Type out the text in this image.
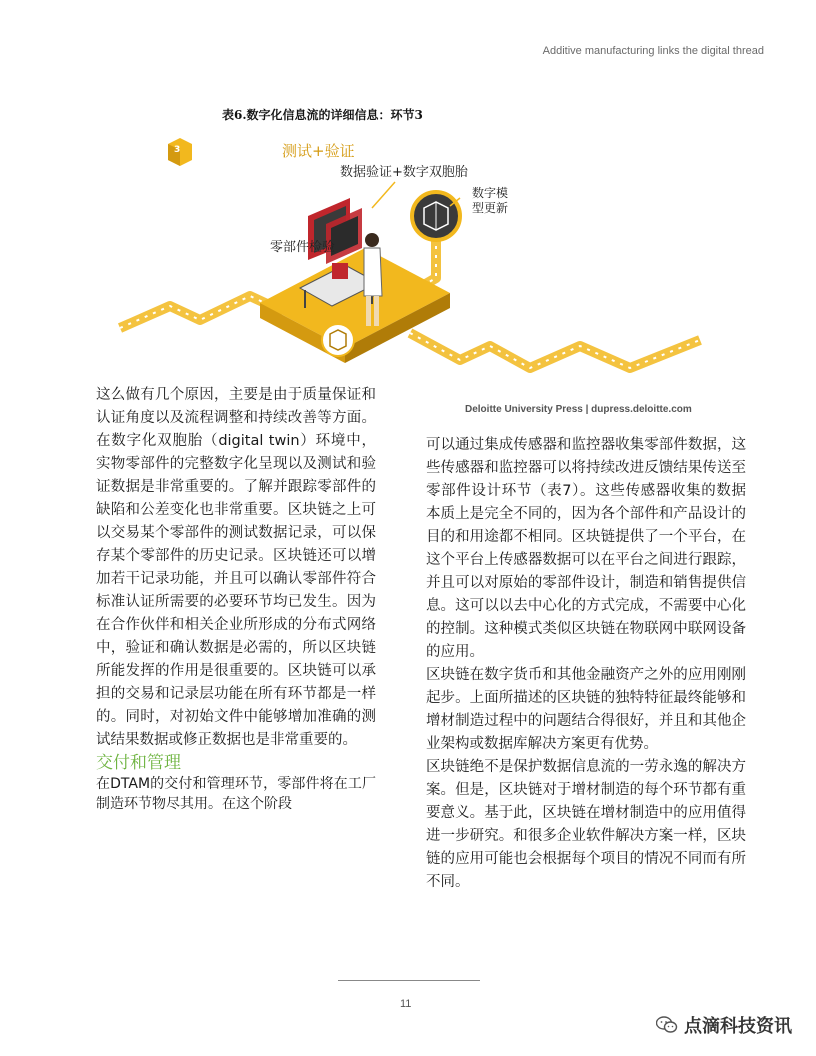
Additive manufacturing links the digital thread
表6.数字化信息流的详细信息：环节3
测试+验证
3
数据验证+数字双胞胎
数字模型更新
零部件检验
Deloitte University Press | dupress.deloitte.com

这么做有几个原因，主要是由于质量保证和认证角度以及流程调整和持续改善等方面。在数字化双胞胎（digital twin）环境中，实物零部件的完整数字化呈现以及测试和验证数据是非常重要的。了解并跟踪零部件的缺陷和公差变化也非常重要。区块链之上可以交易某个零部件的测试数据记录，可以保存某个零部件的历史记录。区块链还可以增加若干记录功能，并且可以确认零部件符合标准认证所需要的必要环节均已发生。因为在合作伙伴和相关企业所形成的分布式网络中，验证和确认数据是必需的，所以区块链所能发挥的作用是很重要的。区块链可以承担的交易和记录层功能在所有环节都是一样的。同时，对初始文件中能够增加准确的测试结果数据或修正数据也是非常重要的。

交付和管理

在DTAM的交付和管理环节，零部件将在工厂制造环节物尽其用。在这个阶段

可以通过集成传感器和监控器收集零部件数据，这些传感器和监控器可以将持续改进反馈结果传送至零部件设计环节（表7）。这些传感器收集的数据本质上是完全不同的，因为各个部件和产品设计的目的和用途都不相同。区块链提供了一个平台，在这个平台上传感器数据可以在平台之间进行跟踪，并且可以对原始的零部件设计，制造和销售提供信息。这可以以去中心化的方式完成，不需要中心化的控制。这种模式类似区块链在物联网中联网设备的应用。

区块链在数字货币和其他金融资产之外的应用刚刚起步。上面所描述的区块链的独特特征最终能够和增材制造过程中的问题结合得很好，并且和其他企业架构或数据库解决方案更有优势。

区块链绝不是保护数据信息流的一劳永逸的解决方案。但是，区块链对于增材制造的每个环节都有重要意义。基于此，区块链在增材制造中的应用值得进一步研究。和很多企业软件解决方案一样，区块链的应用可能也会根据每个项目的情况不同而有所不同。

11
点滴科技资讯
